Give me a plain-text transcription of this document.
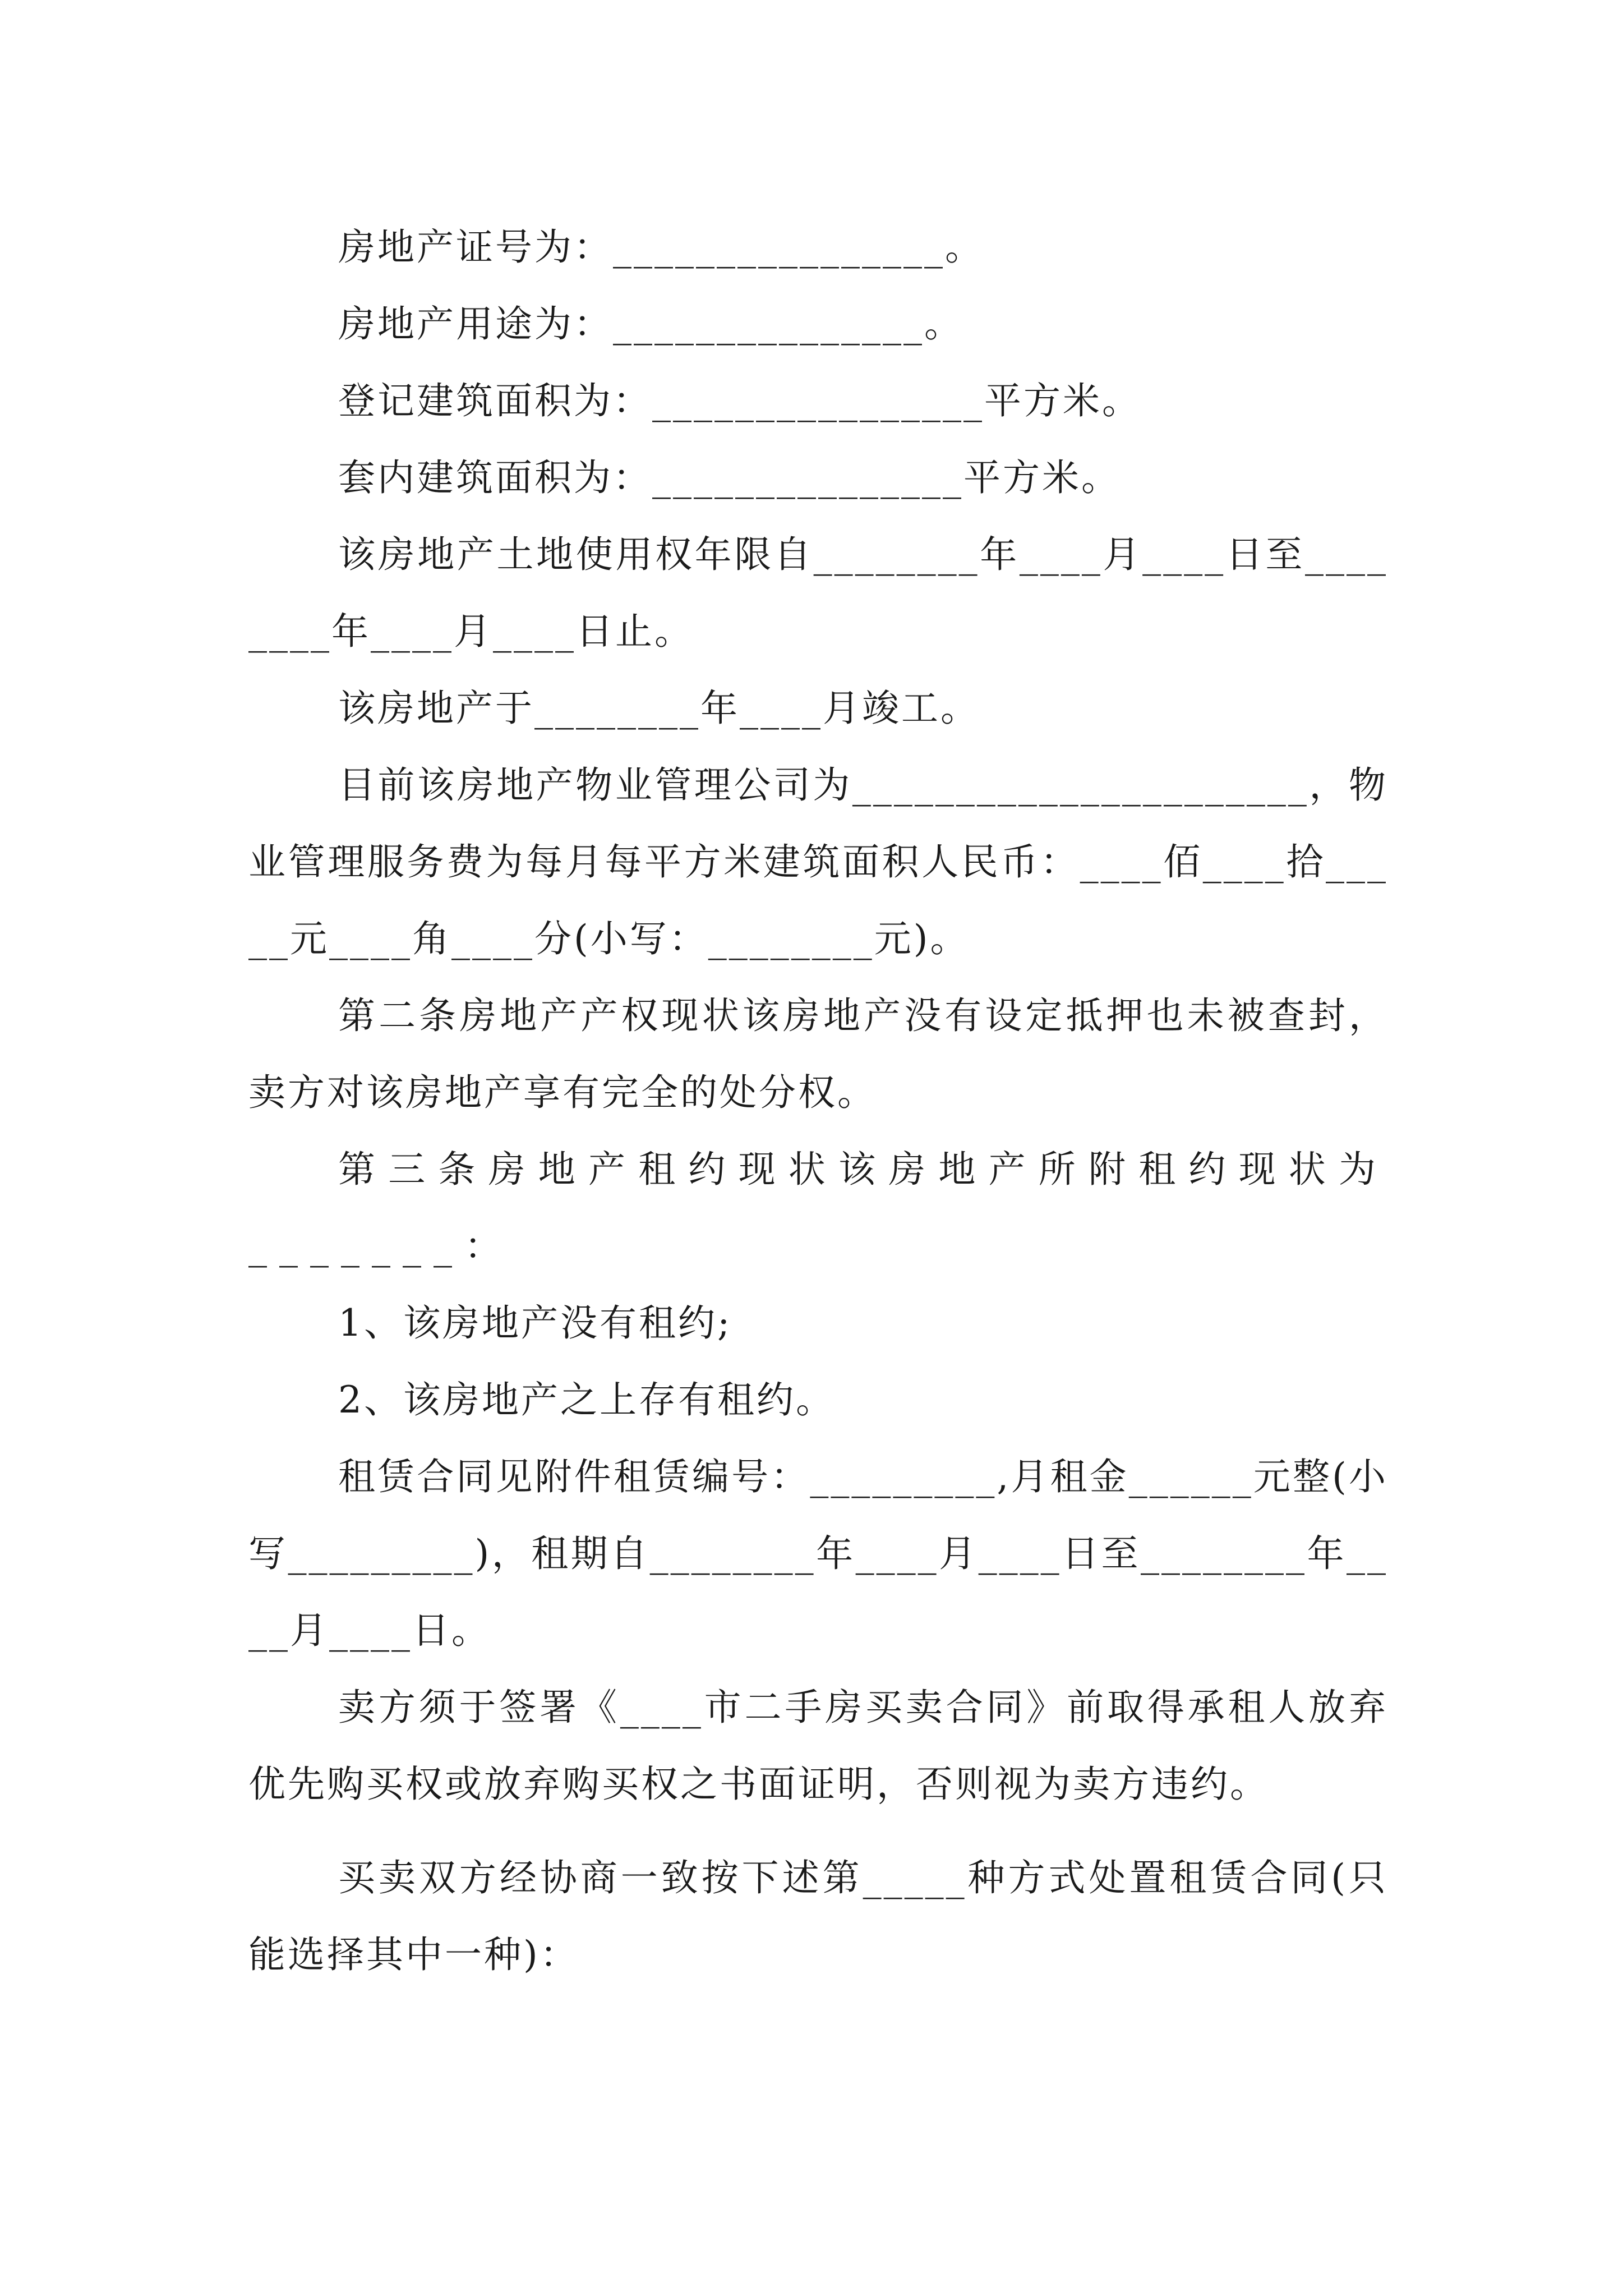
房地产证号为：________________。

房地产用途为：_______________。

登记建筑面积为：________________平方米。

套内建筑面积为：_______________平方米。

该房地产土地使用权年限自________年____月____日至________年____月____日止。

该房地产于________年____月竣工。

目前该房地产物业管理公司为______________________，物业管理服务费为每月每平方米建筑面积人民币：____佰____拾_____元____角____分(小写：________元)。

第二条房地产产权现状该房地产没有设定抵押也未被查封，卖方对该房地产享有完全的处分权。

第三条房地产租约现状该房地产所附租约现状为_______：

1、该房地产没有租约;

2、该房地产之上存有租约。

租赁合同见附件租赁编号：_________,月租金______元整(小写_________)，租期自________年____月____日至________年____月____日。

卖方须于签署《____市二手房买卖合同》前取得承租人放弃优先购买权或放弃购买权之书面证明，否则视为卖方违约。

买卖双方经协商一致按下述第_____种方式处置租赁合同(只能选择其中一种)：
